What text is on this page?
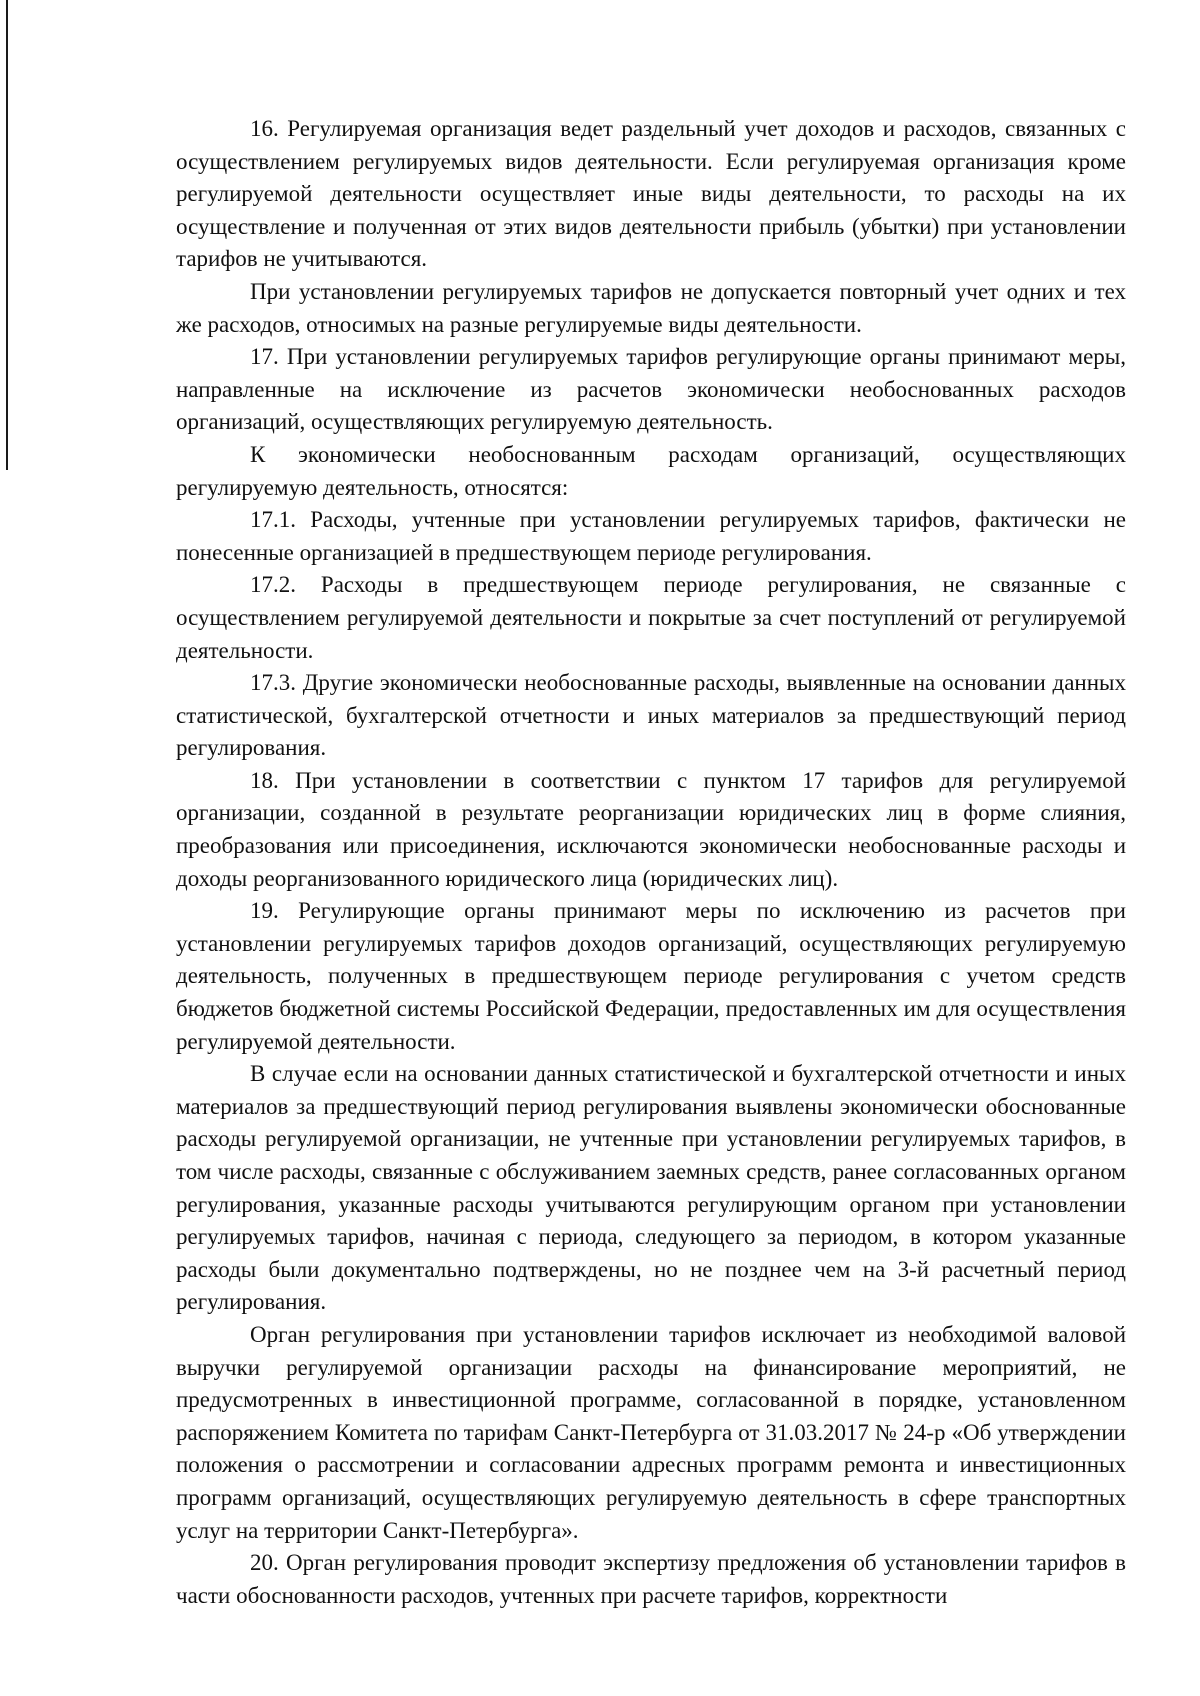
16. Регулируемая организация ведет раздельный учет доходов и расходов, связанных с осуществлением регулируемых видов деятельности. Если регулируемая организация кроме регулируемой деятельности осуществляет иные виды деятельности, то расходы на их осуществление и полученная от этих видов деятельности прибыль (убытки) при установлении тарифов не учитываются.

При установлении регулируемых тарифов не допускается повторный учет одних и тех же расходов, относимых на разные регулируемые виды деятельности.

17. При установлении регулируемых тарифов регулирующие органы принимают меры, направленные на исключение из расчетов экономически необоснованных расходов организаций, осуществляющих регулируемую деятельность.

К экономически необоснованным расходам организаций, осуществляющих регулируемую деятельность, относятся:

17.1. Расходы, учтенные при установлении регулируемых тарифов, фактически не понесенные организацией в предшествующем периоде регулирования.

17.2. Расходы в предшествующем периоде регулирования, не связанные с осуществлением регулируемой деятельности и покрытые за счет поступлений от регулируемой деятельности.

17.3. Другие экономически необоснованные расходы, выявленные на основании данных статистической, бухгалтерской отчетности и иных материалов за предшествующий период регулирования.

18. При установлении в соответствии с пунктом 17 тарифов для регулируемой организации, созданной в результате реорганизации юридических лиц в форме слияния, преобразования или присоединения, исключаются экономически необоснованные расходы и доходы реорганизованного юридического лица (юридических лиц).

19. Регулирующие органы принимают меры по исключению из расчетов при установлении регулируемых тарифов доходов организаций, осуществляющих регулируемую деятельность, полученных в предшествующем периоде регулирования с учетом средств бюджетов бюджетной системы Российской Федерации, предоставленных им для осуществления регулируемой деятельности.

В случае если на основании данных статистической и бухгалтерской отчетности и иных материалов за предшествующий период регулирования выявлены экономически обоснованные расходы регулируемой организации, не учтенные при установлении регулируемых тарифов, в том числе расходы, связанные с обслуживанием заемных средств, ранее согласованных органом регулирования, указанные расходы учитываются регулирующим органом при установлении регулируемых тарифов, начиная с периода, следующего за периодом, в котором указанные расходы были документально подтверждены, но не позднее чем на 3-й расчетный период регулирования.

Орган регулирования при установлении тарифов исключает из необходимой валовой выручки регулируемой организации расходы на финансирование мероприятий, не предусмотренных в инвестиционной программе, согласованной в порядке, установленном распоряжением Комитета по тарифам Санкт-Петербурга от 31.03.2017 № 24-р «Об утверждении положения о рассмотрении и согласовании адресных программ ремонта и инвестиционных программ организаций, осуществляющих регулируемую деятельность в сфере транспортных услуг на территории Санкт-Петербурга».

20. Орган регулирования проводит экспертизу предложения об установлении тарифов в части обоснованности расходов, учтенных при расчете тарифов, корректности
